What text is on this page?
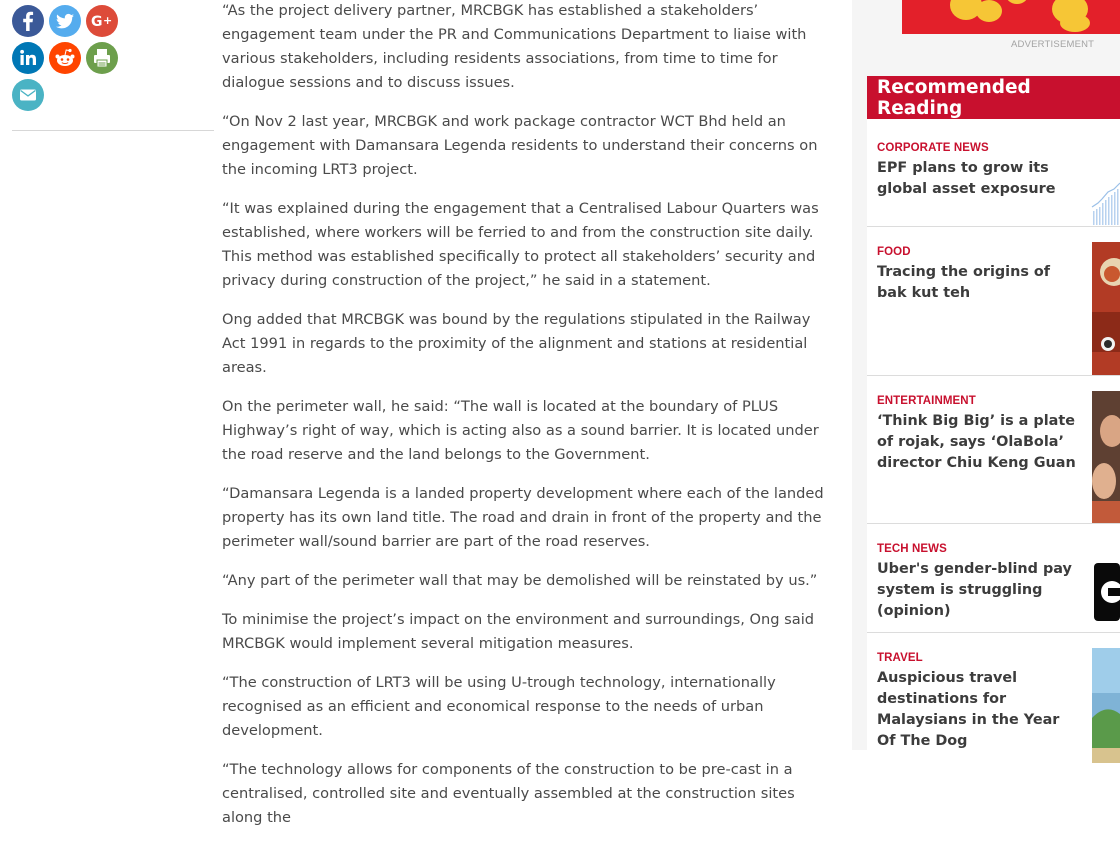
G +

“As the project delivery partner, MRCBGK has established a stakeholders’ engagement team under the PR and Communications Department to liaise with various stakeholders, including residents associations, from time to time for dialogue sessions and to discuss issues.

“On Nov 2 last year, MRCBGK and work package contractor WCT Bhd held an engagement with Damansara Legenda residents to understand their concerns on the incoming LRT3 project.

“It was explained during the engagement that a Centralised Labour Quarters was established, where workers will be ferried to and from the construction site daily. This method was established specifically to protect all stakeholders’ security and privacy during construction of the project,” he said in a statement.

Ong added that MRCBGK was bound by the regulations stipulated in the Railway Act 1991 in regards to the proximity of the alignment and stations at residential areas.

On the perimeter wall, he said: “The wall is located at the boundary of PLUS Highway’s right of way, which is acting also as a sound barrier. It is located under the road reserve and the land belongs to the Government.

“Damansara Legenda is a landed property development where each of the landed property has its own land title. The road and drain in front of the property and the perimeter wall/sound barrier are part of the road reserves.

“Any part of the perimeter wall that may be demolished will be reinstated by us.”

To minimise the project’s impact on the environment and surroundings, Ong said MRCBGK would implement several mitigation measures.

“The construction of LRT3 will be using U-trough technology, internationally recognised as an efficient and economical response to the needs of urban development.

“The technology allows for components of the construction to be pre-cast in a centralised, controlled site and eventually assembled at the construction sites along the

ADVERTISEMENT
Recommended Reading
CORPORATE NEWS
EPF plans to grow its global asset exposure
FOOD
Tracing the origins of bak kut teh
ENTERTAINMENT
‘Think Big Big’ is a plate of rojak, says ‘OlaBola’ director Chiu Keng Guan
TECH NEWS
Uber's gender-blind pay system is struggling (opinion)
TRAVEL
Auspicious travel destinations for Malaysians in the Year Of The Dog
